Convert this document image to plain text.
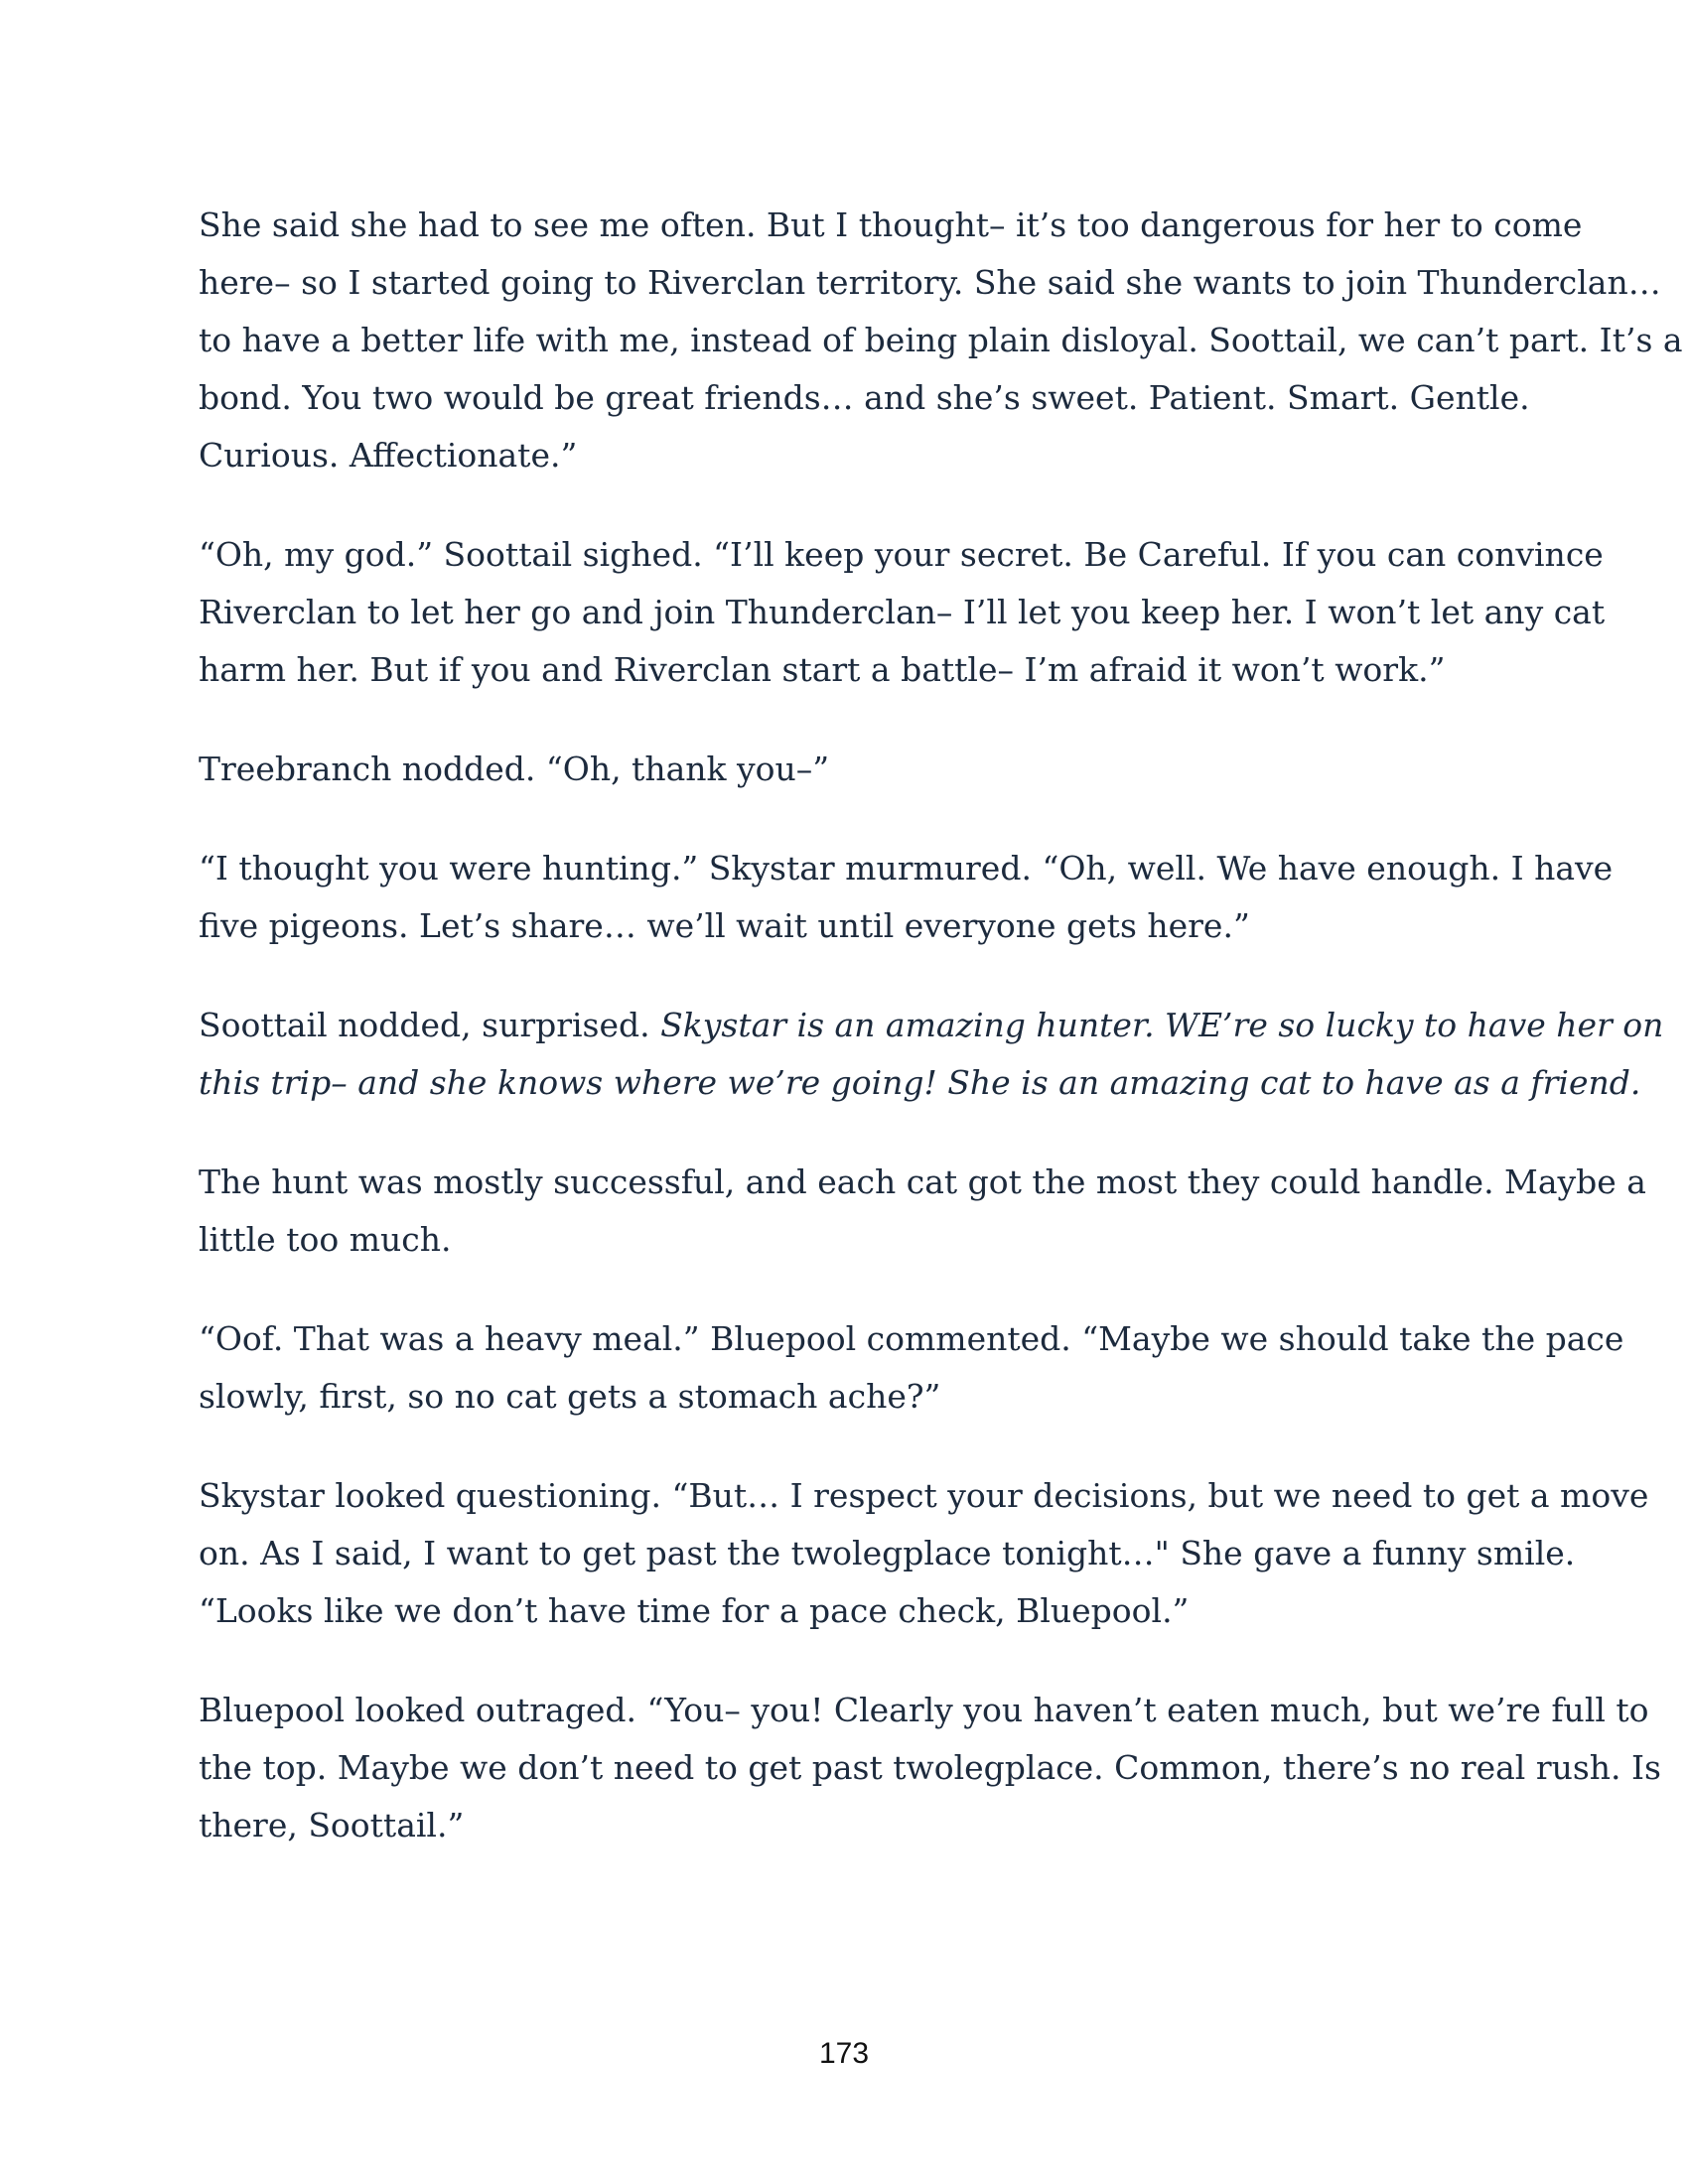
She said she had to see me often. But I thought– it’s too dangerous for her to come
here– so I started going to Riverclan territory. She said she wants to join Thunderclan…
to have a better life with me, instead of being plain disloyal. Soottail, we can’t part. It’s a
bond. You two would be great friends… and she’s sweet. Patient. Smart. Gentle.
Curious. Affectionate.”

“Oh, my god.” Soottail sighed. “I’ll keep your secret. Be Careful. If you can convince
Riverclan to let her go and join Thunderclan– I’ll let you keep her. I won’t let any cat
harm her. But if you and Riverclan start a battle– I’m afraid it won’t work.”

Treebranch nodded. “Oh, thank you–”

“I thought you were hunting.” Skystar murmured. “Oh, well. We have enough. I have
five pigeons. Let’s share… we’ll wait until everyone gets here.”

Soottail nodded, surprised. Skystar is an amazing hunter. WE’re so lucky to have her on
this trip– and she knows where we’re going! She is an amazing cat to have as a friend.

The hunt was mostly successful, and each cat got the most they could handle. Maybe a
little too much.

“Oof. That was a heavy meal.” Bluepool commented. “Maybe we should take the pace
slowly, first, so no cat gets a stomach ache?”

Skystar looked questioning. “But… I respect your decisions, but we need to get a move
on. As I said, I want to get past the twolegplace tonight…" She gave a funny smile.
“Looks like we don’t have time for a pace check, Bluepool.”

Bluepool looked outraged. “You– you! Clearly you haven’t eaten much, but we’re full to
the top. Maybe we don’t need to get past twolegplace. Common, there’s no real rush. Is
there, Soottail.”

173
